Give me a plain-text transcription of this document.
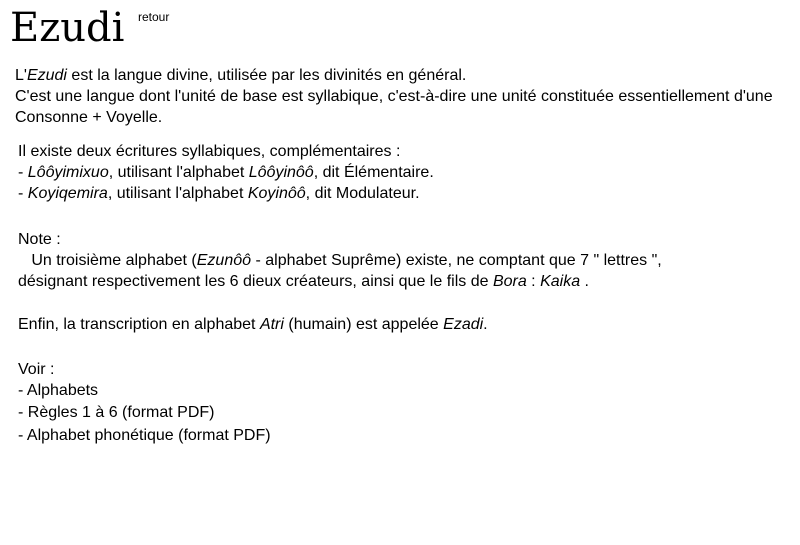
Ezudi retour
L'Ezudi est la langue divine, utilisée par les divinités en général.
C'est une langue dont l'unité de base est syllabique, c'est-à-dire une unité constituée essentiellement d'une
Consonne + Voyelle.
Il existe deux écritures syllabiques, complémentaires :
- Lôôyimixuo, utilisant l'alphabet Lôôyinôô, dit Élémentaire.
- Koyiqemira, utilisant l'alphabet Koyinôô, dit Modulateur.
Note :
Un troisième alphabet (Ezunôô - alphabet Suprême) existe, ne comptant que 7 " lettres ",
désignant respectivement les 6 dieux créateurs, ainsi que le fils de Bora : Kaika .
Enfin, la transcription en alphabet Atri (humain) est appelée Ezadi.
Voir :
- Alphabets
- Règles 1 à 6 (format PDF)
- Alphabet phonétique (format PDF)
